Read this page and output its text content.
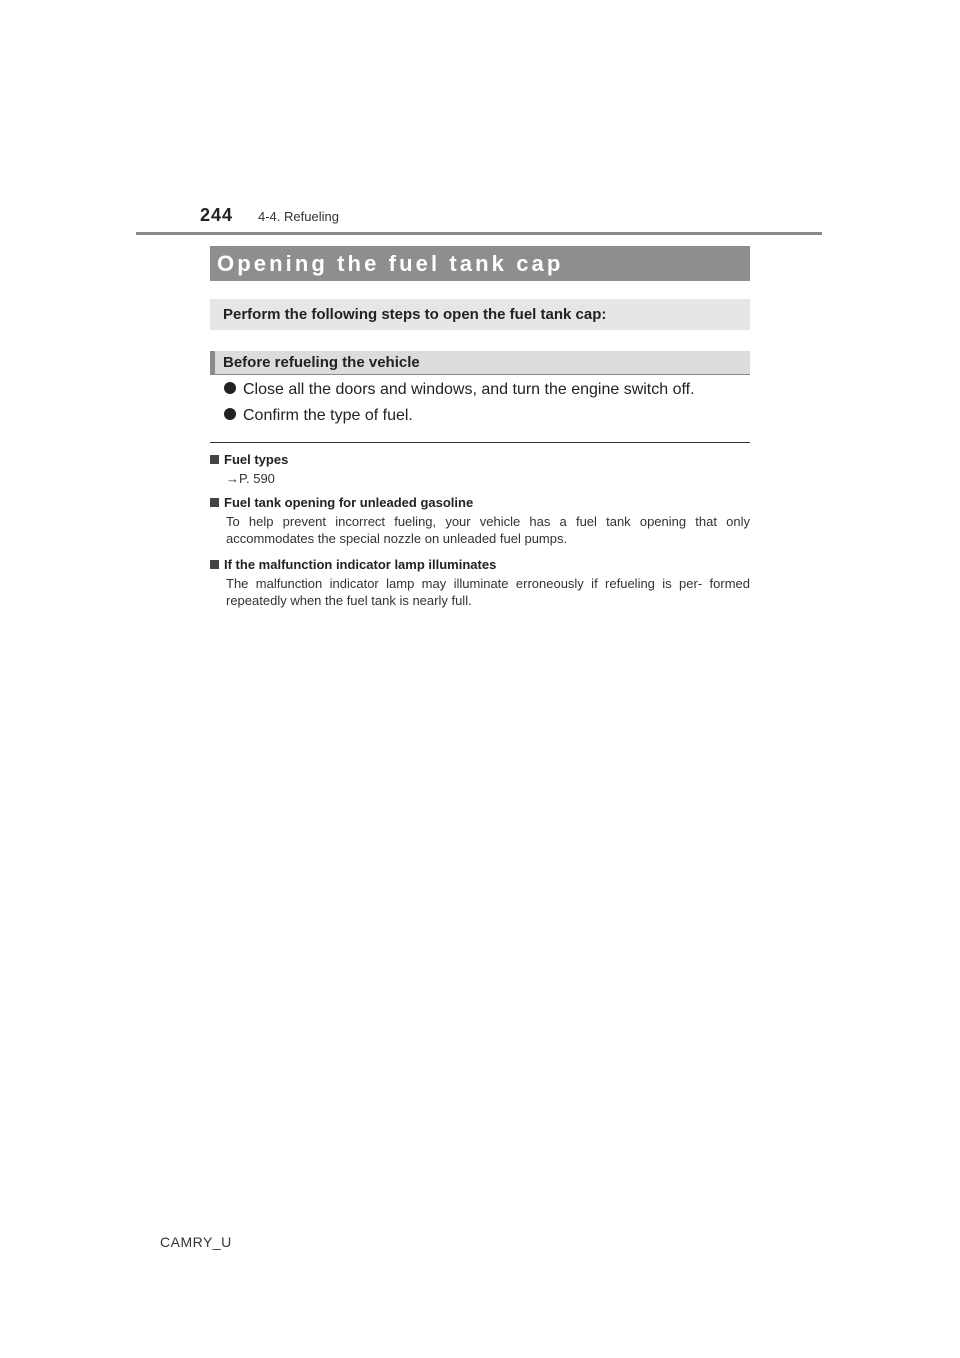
244 4-4. Refueling
Opening the fuel tank cap
Perform the following steps to open the fuel tank cap:
Before refueling the vehicle
Close all the doors and windows, and turn the engine switch off.
Confirm the type of fuel.
Fuel types
→P. 590
Fuel tank opening for unleaded gasoline
To help prevent incorrect fueling, your vehicle has a fuel tank opening that only accommodates the special nozzle on unleaded fuel pumps.
If the malfunction indicator lamp illuminates
The malfunction indicator lamp may illuminate erroneously if refueling is per- formed repeatedly when the fuel tank is nearly full.
CAMRY_U
